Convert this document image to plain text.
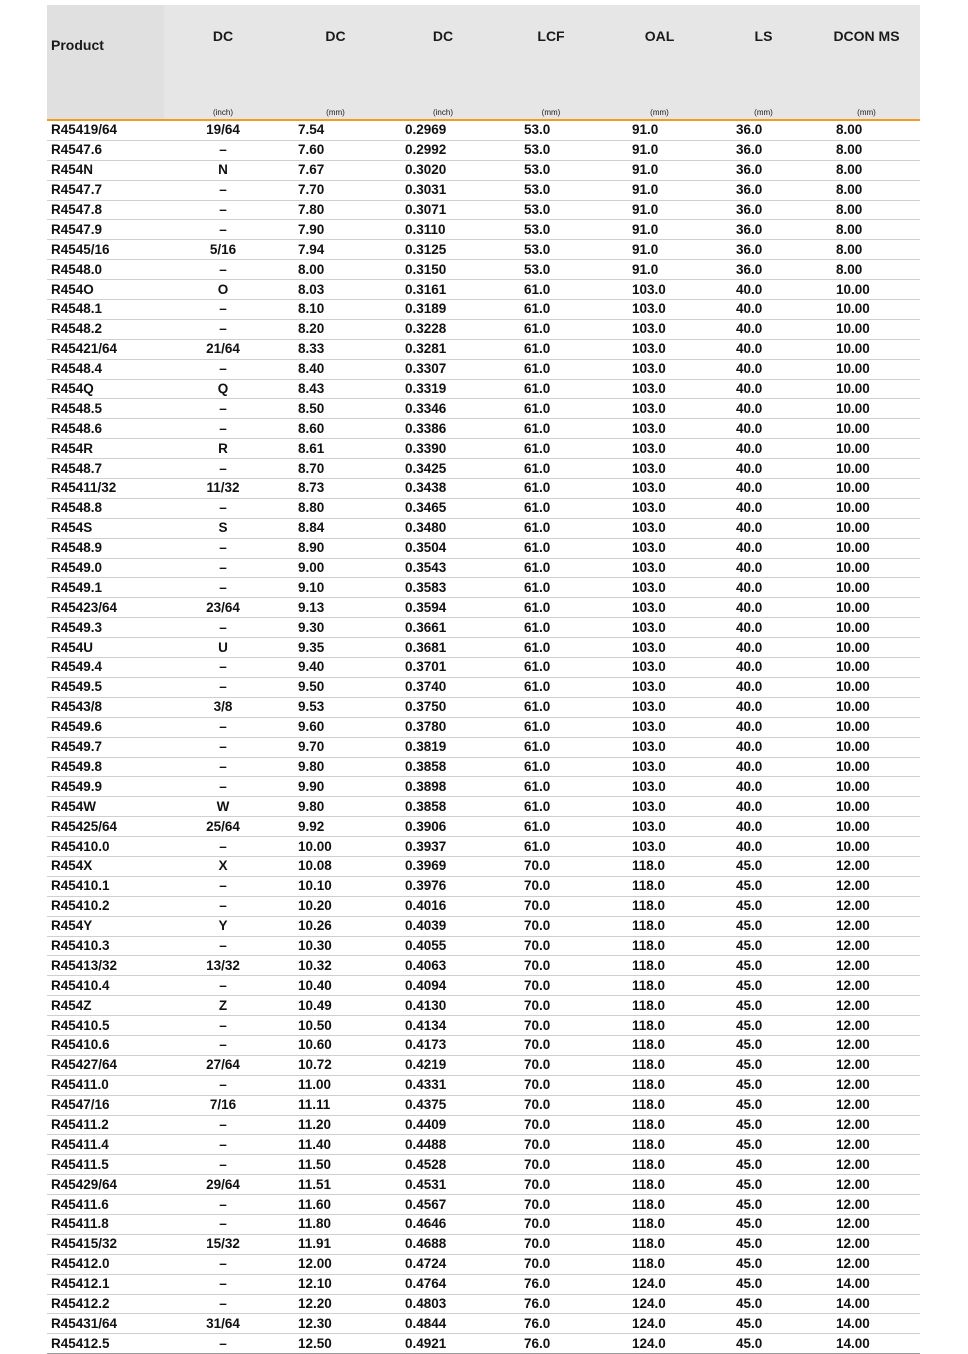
Product	DC	DC	DC	LCF	OAL	LS	DCON MS
	(inch)	(mm)	(inch)	(mm)	(mm)	(mm)	(mm)
R45419/64	19/64	7.54	0.2969	53.0	91.0	36.0	8.00
R4547.6	–	7.60	0.2992	53.0	91.0	36.0	8.00
R454N	N	7.67	0.3020	53.0	91.0	36.0	8.00
R4547.7	–	7.70	0.3031	53.0	91.0	36.0	8.00
R4547.8	–	7.80	0.3071	53.0	91.0	36.0	8.00
R4547.9	–	7.90	0.3110	53.0	91.0	36.0	8.00
R4545/16	5/16	7.94	0.3125	53.0	91.0	36.0	8.00
R4548.0	–	8.00	0.3150	53.0	91.0	36.0	8.00
R454O	O	8.03	0.3161	61.0	103.0	40.0	10.00
R4548.1	–	8.10	0.3189	61.0	103.0	40.0	10.00
R4548.2	–	8.20	0.3228	61.0	103.0	40.0	10.00
R45421/64	21/64	8.33	0.3281	61.0	103.0	40.0	10.00
R4548.4	–	8.40	0.3307	61.0	103.0	40.0	10.00
R454Q	Q	8.43	0.3319	61.0	103.0	40.0	10.00
R4548.5	–	8.50	0.3346	61.0	103.0	40.0	10.00
R4548.6	–	8.60	0.3386	61.0	103.0	40.0	10.00
R454R	R	8.61	0.3390	61.0	103.0	40.0	10.00
R4548.7	–	8.70	0.3425	61.0	103.0	40.0	10.00
R45411/32	11/32	8.73	0.3438	61.0	103.0	40.0	10.00
R4548.8	–	8.80	0.3465	61.0	103.0	40.0	10.00
R454S	S	8.84	0.3480	61.0	103.0	40.0	10.00
R4548.9	–	8.90	0.3504	61.0	103.0	40.0	10.00
R4549.0	–	9.00	0.3543	61.0	103.0	40.0	10.00
R4549.1	–	9.10	0.3583	61.0	103.0	40.0	10.00
R45423/64	23/64	9.13	0.3594	61.0	103.0	40.0	10.00
R4549.3	–	9.30	0.3661	61.0	103.0	40.0	10.00
R454U	U	9.35	0.3681	61.0	103.0	40.0	10.00
R4549.4	–	9.40	0.3701	61.0	103.0	40.0	10.00
R4549.5	–	9.50	0.3740	61.0	103.0	40.0	10.00
R4543/8	3/8	9.53	0.3750	61.0	103.0	40.0	10.00
R4549.6	–	9.60	0.3780	61.0	103.0	40.0	10.00
R4549.7	–	9.70	0.3819	61.0	103.0	40.0	10.00
R4549.8	–	9.80	0.3858	61.0	103.0	40.0	10.00
R4549.9	–	9.90	0.3898	61.0	103.0	40.0	10.00
R454W	W	9.80	0.3858	61.0	103.0	40.0	10.00
R45425/64	25/64	9.92	0.3906	61.0	103.0	40.0	10.00
R45410.0	–	10.00	0.3937	61.0	103.0	40.0	10.00
R454X	X	10.08	0.3969	70.0	118.0	45.0	12.00
R45410.1	–	10.10	0.3976	70.0	118.0	45.0	12.00
R45410.2	–	10.20	0.4016	70.0	118.0	45.0	12.00
R454Y	Y	10.26	0.4039	70.0	118.0	45.0	12.00
R45410.3	–	10.30	0.4055	70.0	118.0	45.0	12.00
R45413/32	13/32	10.32	0.4063	70.0	118.0	45.0	12.00
R45410.4	–	10.40	0.4094	70.0	118.0	45.0	12.00
R454Z	Z	10.49	0.4130	70.0	118.0	45.0	12.00
R45410.5	–	10.50	0.4134	70.0	118.0	45.0	12.00
R45410.6	–	10.60	0.4173	70.0	118.0	45.0	12.00
R45427/64	27/64	10.72	0.4219	70.0	118.0	45.0	12.00
R45411.0	–	11.00	0.4331	70.0	118.0	45.0	12.00
R4547/16	7/16	11.11	0.4375	70.0	118.0	45.0	12.00
R45411.2	–	11.20	0.4409	70.0	118.0	45.0	12.00
R45411.4	–	11.40	0.4488	70.0	118.0	45.0	12.00
R45411.5	–	11.50	0.4528	70.0	118.0	45.0	12.00
R45429/64	29/64	11.51	0.4531	70.0	118.0	45.0	12.00
R45411.6	–	11.60	0.4567	70.0	118.0	45.0	12.00
R45411.8	–	11.80	0.4646	70.0	118.0	45.0	12.00
R45415/32	15/32	11.91	0.4688	70.0	118.0	45.0	12.00
R45412.0	–	12.00	0.4724	70.0	118.0	45.0	12.00
R45412.1	–	12.10	0.4764	76.0	124.0	45.0	14.00
R45412.2	–	12.20	0.4803	76.0	124.0	45.0	14.00
R45431/64	31/64	12.30	0.4844	76.0	124.0	45.0	14.00
R45412.5	–	12.50	0.4921	76.0	124.0	45.0	14.00
